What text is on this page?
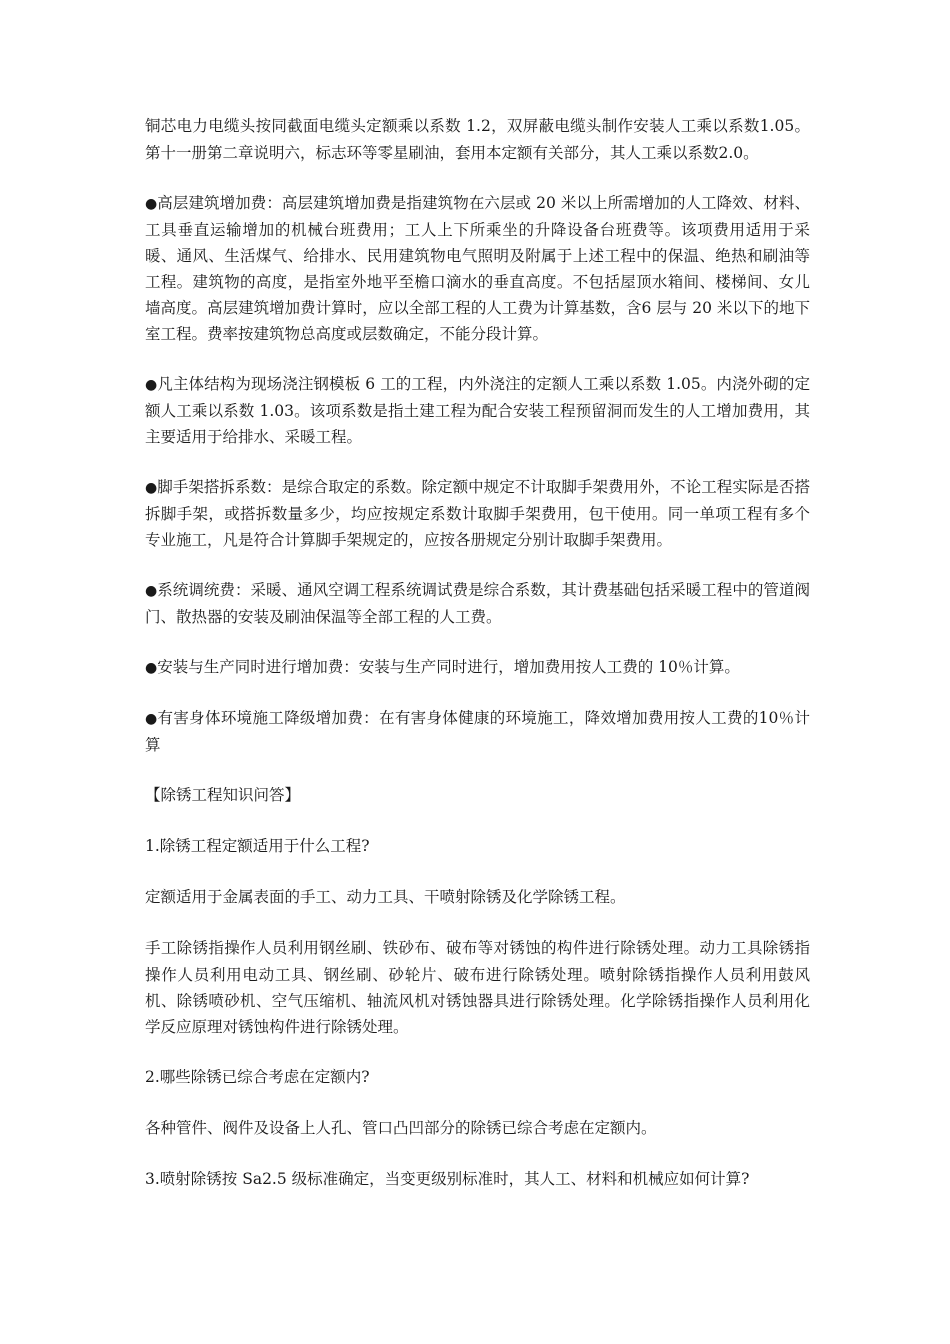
铜芯电力电缆头按同截面电缆头定额乘以系数 1.2，双屏蔽电缆头制作安装人工乘以系数1.05。第十一册第二章说明六，标志环等零星刷油，套用本定额有关部分，其人工乘以系数2.0。

●高层建筑增加费：高层建筑增加费是指建筑物在六层或 20 米以上所需增加的人工降效、材料、工具垂直运输增加的机械台班费用；工人上下所乘坐的升降设备台班费等。该项费用适用于采暖、通风、生活煤气、给排水、民用建筑物电气照明及附属于上述工程中的保温、绝热和刷油等工程。建筑物的高度，是指室外地平至檐口滴水的垂直高度。不包括屋顶水箱间、楼梯间、女儿墙高度。高层建筑增加费计算时，应以全部工程的人工费为计算基数，含6 层与 20 米以下的地下室工程。费率按建筑物总高度或层数确定，不能分段计算。

●凡主体结构为现场浇注钢模板 6 工的工程，内外浇注的定额人工乘以系数 1.05。内浇外砌的定额人工乘以系数 1.03。该项系数是指土建工程为配合安装工程预留洞而发生的人工增加费用，其主要适用于给排水、采暖工程。

●脚手架搭拆系数：是综合取定的系数。除定额中规定不计取脚手架费用外，不论工程实际是否搭拆脚手架，或搭拆数量多少，均应按规定系数计取脚手架费用，包干使用。同一单项工程有多个专业施工，凡是符合计算脚手架规定的，应按各册规定分别计取脚手架费用。

●系统调统费：采暖、通风空调工程系统调试费是综合系数，其计费基础包括采暖工程中的管道阀门、散热器的安装及刷油保温等全部工程的人工费。

●安装与生产同时进行增加费：安装与生产同时进行，增加费用按人工费的 10％计算。

●有害身体环境施工降级增加费：在有害身体健康的环境施工，降效增加费用按人工费的10％计算

【除锈工程知识问答】

1.除锈工程定额适用于什么工程?

定额适用于金属表面的手工、动力工具、干喷射除锈及化学除锈工程。

手工除锈指操作人员利用钢丝刷、铁砂布、破布等对锈蚀的构件进行除锈处理。动力工具除锈指操作人员利用电动工具、钢丝刷、砂轮片、破布进行除锈处理。喷射除锈指操作人员利用鼓风机、除锈喷砂机、空气压缩机、轴流风机对锈蚀器具进行除锈处理。化学除锈指操作人员利用化学反应原理对锈蚀构件进行除锈处理。

2.哪些除锈已综合考虑在定额内?

各种管件、阀件及设备上人孔、管口凸凹部分的除锈已综合考虑在定额内。

3.喷射除锈按 Sa2.5 级标准确定，当变更级别标准时，其人工、材料和机械应如何计算?
